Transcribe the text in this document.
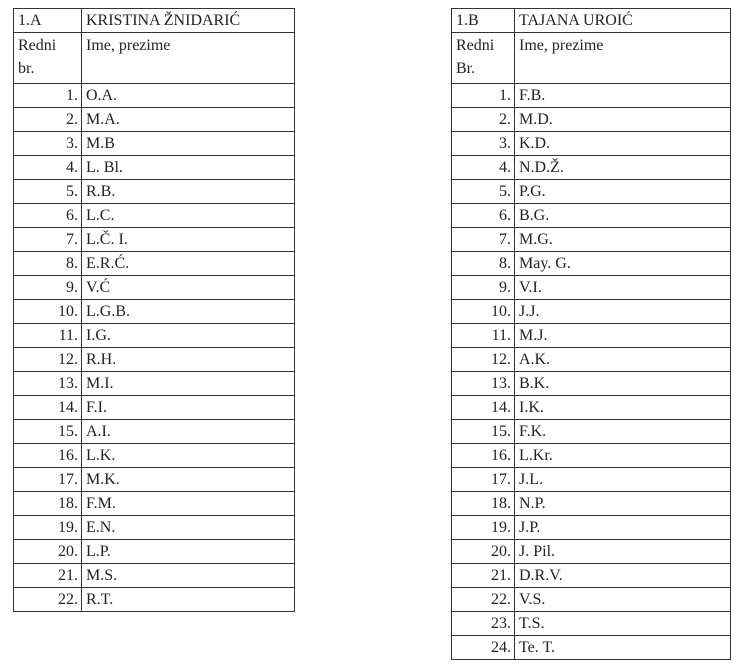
1.A	KRISTINA ŽNIDARIĆ
Redni
br.	Ime, prezime
1.	O.A.
2.	M.A.
3.	M.B
4.	L. Bl.
5.	R.B.
6.	L.C.
7.	L.Č. I.
8.	E.R.Ć.
9.	V.Ć
10.	L.G.B.
11.	I.G.
12.	R.H.
13.	M.I.
14.	F.I.
15.	A.I.
16.	L.K.
17.	M.K.
18.	F.M.
19.	E.N.
20.	L.P.
21.	M.S.
22.	R.T.
1.B	TAJANA UROIĆ
Redni
Br.	Ime, prezime
1.	F.B.
2.	M.D.
3.	K.D.
4.	N.D.Ž.
5.	P.G.
6.	B.G.
7.	M.G.
8.	May. G.
9.	V.I.
10.	J.J.
11.	M.J.
12.	A.K.
13.	B.K.
14.	I.K.
15.	F.K.
16.	L.Kr.
17.	J.L.
18.	N.P.
19.	J.P.
20.	J. Pil.
21.	D.R.V.
22.	V.S.
23.	T.S.
24.	Te. T.
